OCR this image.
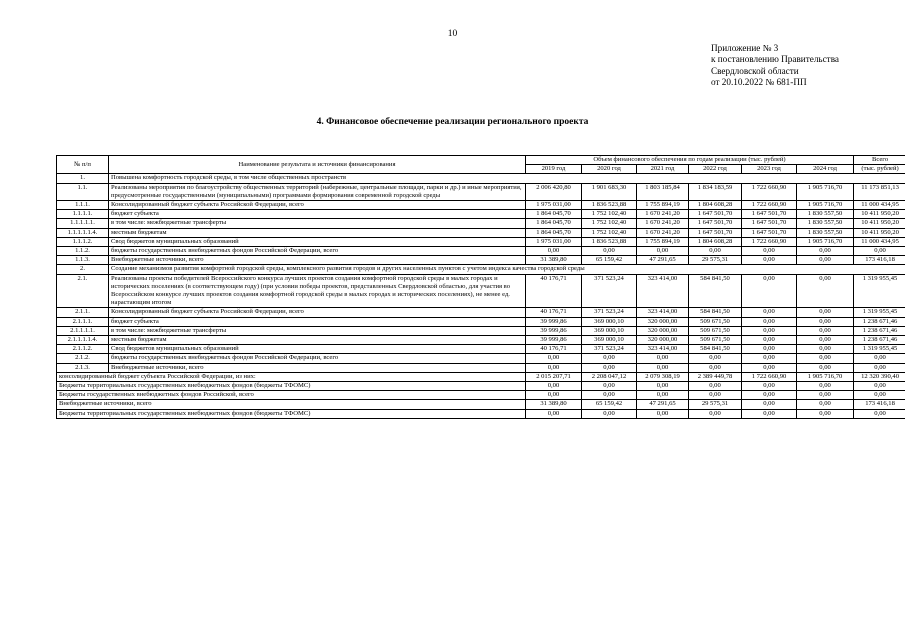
10
Приложение № 3
к постановлению Правительства
Свердловской области
от 20.10.2022 № 681-ПП
4. Финансовое обеспечение реализации регионального проекта
№ п/п	Наименование результата и источники финансирования	Объем финансового обеспечения по годам реализации (тыс. рублей)						Всего
		2019 год	2020 год	2021 год	2022 год	2023 год	2024 год	(тыс. рублей)
1.	Повышена комфортность городской среды, в том числе общественных пространств							
1.1.	Реализованы мероприятия по благоустройству общественных территорий (набережные, центральные площади, парки и др.) и иные мероприятия, предусмотренные государственными (муниципальными) программами формирования современной городской среды	2 006 420,80	1 901 683,30	1 803 185,84	1 834 183,59	1 722 660,90	1 905 716,70	11 173 851,13
1.1.1.	Консолидированный бюджет субъекта Российской Федерации, всего	1 975 031,00	1 836 523,88	1 755 894,19	1 804 608,28	1 722 660,90	1 905 716,70	11 000 434,95
1.1.1.1.	бюджет субъекта	1 864 045,70	1 752 102,40	1 670 241,20	1 647 501,70	1 647 501,70	1 830 557,50	10 411 950,20
1.1.1.1.1.	в том числе: межбюджетные трансферты	1 864 045,70	1 752 102,40	1 670 241,20	1 647 501,70	1 647 501,70	1 830 557,50	10 411 950,20
1.1.1.1.1.4.	местным бюджетам	1 864 045,70	1 752 102,40	1 670 241,20	1 647 501,70	1 647 501,70	1 830 557,50	10 411 950,20
1.1.1.2.	Свод бюджетов муниципальных образований	1 975 031,00	1 836 523,88	1 755 894,19	1 804 608,28	1 722 660,90	1 905 716,70	11 000 434,95
1.1.2.	бюджеты государственных внебюджетных фондов Российской Федерации, всего	0,00	0,00	0,00	0,00	0,00	0,00	0,00
1.1.3.	Внебюджетные источники, всего	31 389,80	65 159,42	47 291,65	29 575,31	0,00	0,00	173 416,18
2.	Создание механизмов развития комфортной городской среды, комплексного развития городов и других населенных пунктов с учетом индекса качества городской среды							
2.1.	Реализованы проекты победителей Всероссийского конкурса лучших проектов создания комфортной городской среды в малых городах и исторических поселениях (в соответствующем году) (при условии победы проектов, представленных Свердловской областью, для участия во Всероссийском конкурсе лучших проектов создания комфортной городской среды в малых городах и исторических поселениях), не менее ед. нарастающим итогом	40 176,71	371 523,24	323 414,00	584 841,50	0,00	0,00	1 319 955,45
2.1.1.	Консолидированный бюджет субъекта Российской Федерации, всего	40 176,71	371 523,24	323 414,00	584 841,50	0,00	0,00	1 319 955,45
2.1.1.1.	бюджет субъекта	39 999,86	369 000,10	320 000,00	509 671,50	0,00	0,00	1 238 671,46
2.1.1.1.1.	в том числе: межбюджетные трансферты	39 999,86	369 000,10	320 000,00	509 671,50	0,00	0,00	1 238 671,46
2.1.1.1.1.4.	местным бюджетам	39 999,86	369 000,10	320 000,00	509 671,50	0,00	0,00	1 238 671,46
2.1.1.2.	Свод бюджетов муниципальных образований	40 176,71	371 523,24	323 414,00	584 841,50	0,00	0,00	1 319 955,45
2.1.2.	бюджеты государственных внебюджетных фондов Российской Федерации, всего	0,00	0,00	0,00	0,00	0,00	0,00	0,00
2.1.3.	Внебюджетные источники, всего	0,00	0,00	0,00	0,00	0,00	0,00	0,00
консолидированный бюджет субъекта Российской Федерации, из них:		2 015 207,71	2 208 047,12	2 079 308,19	2 389 449,78	1 722 660,90	1 905 716,70	12 320 390,40
Бюджеты территориальных государственных внебюджетных фондов (бюджеты ТФОМС)		0,00	0,00	0,00	0,00	0,00	0,00	0,00
Бюджеты государственных внебюджетных фондов Российской, всего		0,00	0,00	0,00	0,00	0,00	0,00	0,00
Внебюджетные источники, всего		31 389,80	65 159,42	47 291,65	29 575,31	0,00	0,00	173 416,18
Бюджеты территориальных государственных внебюджетных фондов (бюджеты ТФОМС)		0,00	0,00	0,00	0,00	0,00	0,00	0,00
